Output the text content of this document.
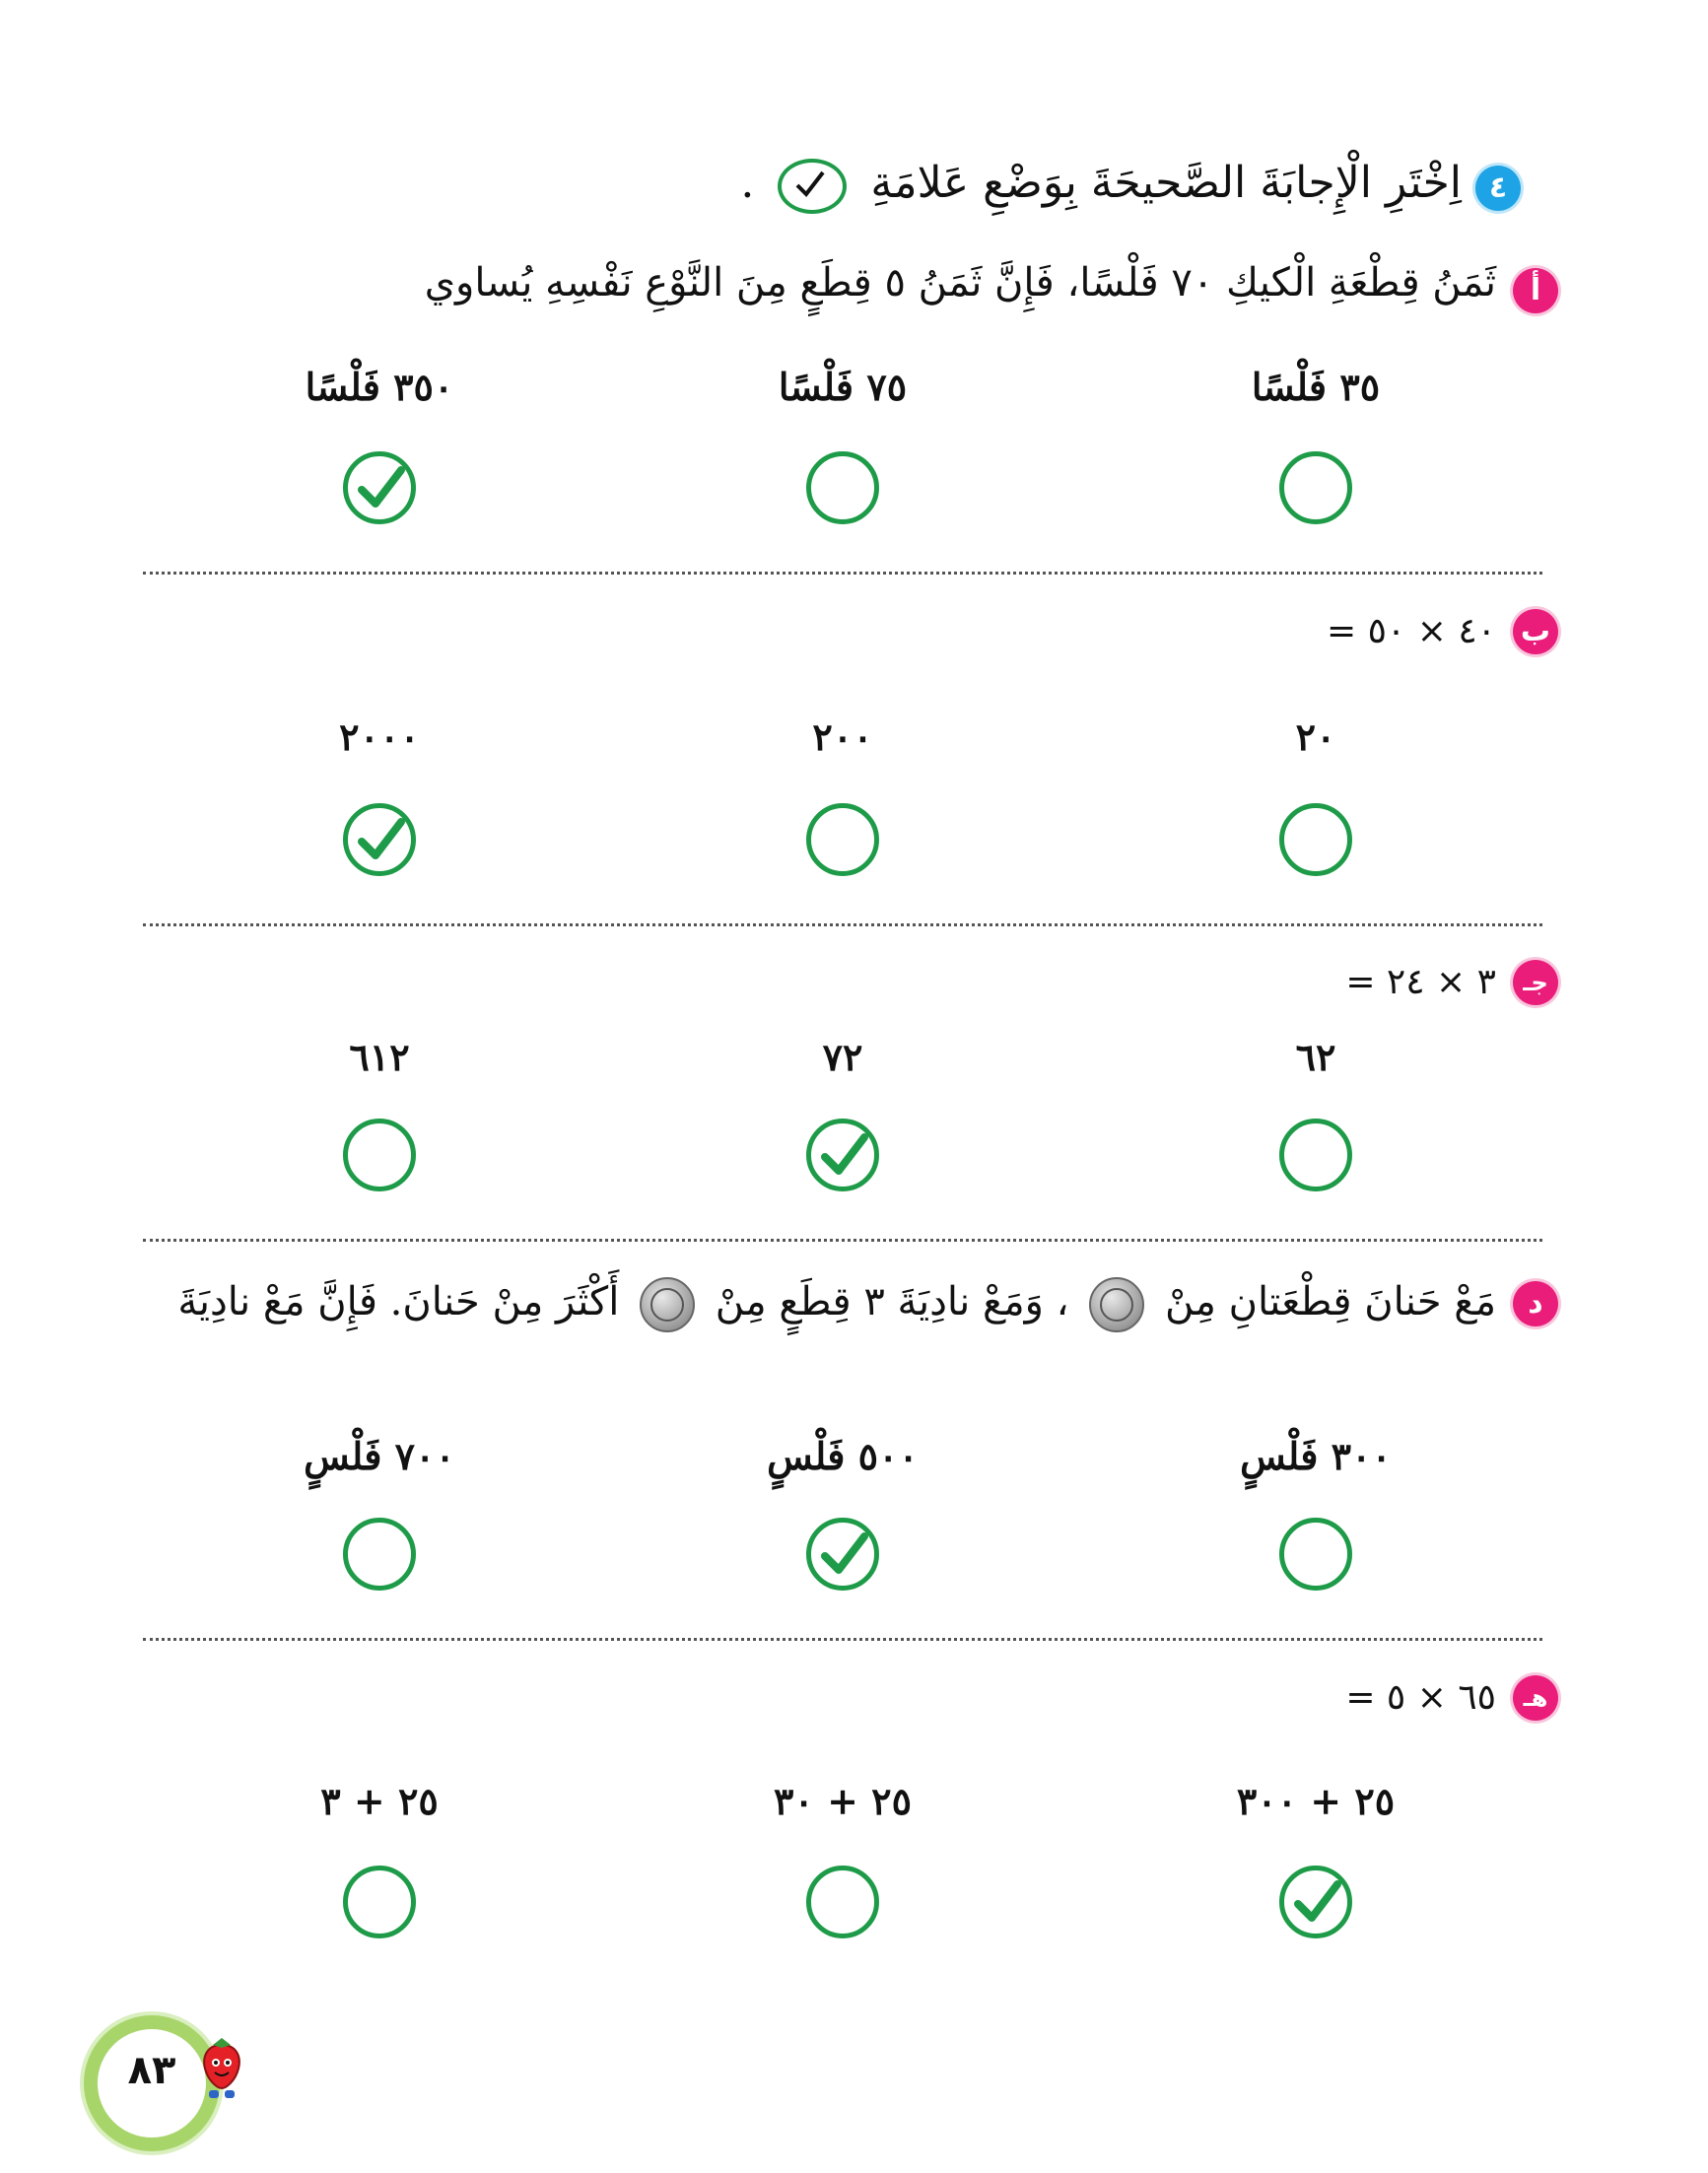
٤
اِخْتَرِ الْإِجابَةَ الصَّحيحَةَ بِوَضْعِ عَلامَةِ
.
أ
ثَمَنُ قِطْعَةِ الْكيكِ ٧٠ فَلْسًا، فَإِنَّ ثَمَنُ ٥ قِطَعٍ مِنَ النَّوْعِ نَفْسِهِ يُساوي
٣٥ فَلْسًا
٧٥ فَلْسًا
٣٥٠ فَلْسًا
ب
٤٠ × ٥٠ =
٢٠
٢٠٠
٢٠٠٠
جـ
٣ × ٢٤ =
٦٢
٧٢
٦١٢
د
مَعْ حَنانَ قِطْعَتانِ مِنْ  ، وَمَعْ نادِيَةَ ٣ قِطَعٍ مِنْ  أَكْثَرَ مِنْ حَنانَ. فَإِنَّ مَعْ نادِيَةَ
٣٠٠ فَلْسٍ
٥٠٠ فَلْسٍ
٧٠٠ فَلْسٍ
هـ
٦٥ × ٥ =
٢٥ + ٣٠٠
٢٥ + ٣٠
٢٥ + ٣
٨٣
